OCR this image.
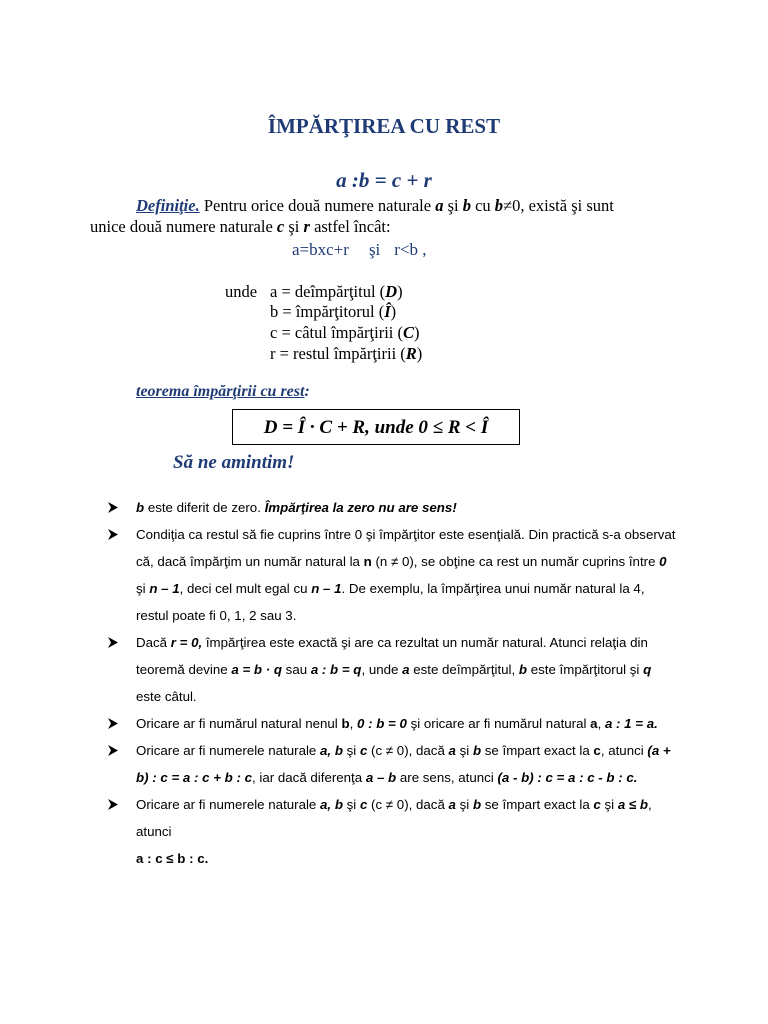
ÎMPĂRŢIREA CU REST
a :b = c + r
Definiţie. Pentru orice două numere naturale a şi b cu b≠0, există şi sunt
unice două numere naturale c şi r astfel încât:
a=bxc+r şi r<b ,
unde a = deîmpărţitul (D)
b = împărţitorul (Î)
c = câtul împărţirii (C)
r = restul împărţirii (R)
teorema împărţirii cu rest:
D = Î · C + R, unde 0 ≤ R < Î
Să ne amintim!
b este diferit de zero. Împărţirea la zero nu are sens!
Condiţia ca restul să fie cuprins între 0 şi împărţitor este esenţială. Din practică s-a observat că, dacă împărţim un număr natural la n (n ≠ 0), se obţine ca rest un număr cuprins între 0 şi n – 1, deci cel mult egal cu n – 1. De exemplu, la împărţirea unui număr natural la 4, restul poate fi 0, 1, 2 sau 3.
Dacă r = 0, împărţirea este exactă şi are ca rezultat un număr natural. Atunci relaţia din teoremă devine a = b · q sau a : b = q, unde a este deîmpărţitul, b este împărţitorul şi q este câtul.
Oricare ar fi numărul natural nenul b, 0 : b = 0 şi oricare ar fi numărul natural a, a : 1 = a.
Oricare ar fi numerele naturale a, b şi c (c ≠ 0), dacă a şi b se împart exact la c, atunci (a + b) : c = a : c + b : c, iar dacă diferenţa a – b are sens, atunci (a - b) : c = a : c - b : c.
Oricare ar fi numerele naturale a, b şi c (c ≠ 0), dacă a şi b se împart exact la c şi a ≤ b, atunci
a : c ≤ b : c.
